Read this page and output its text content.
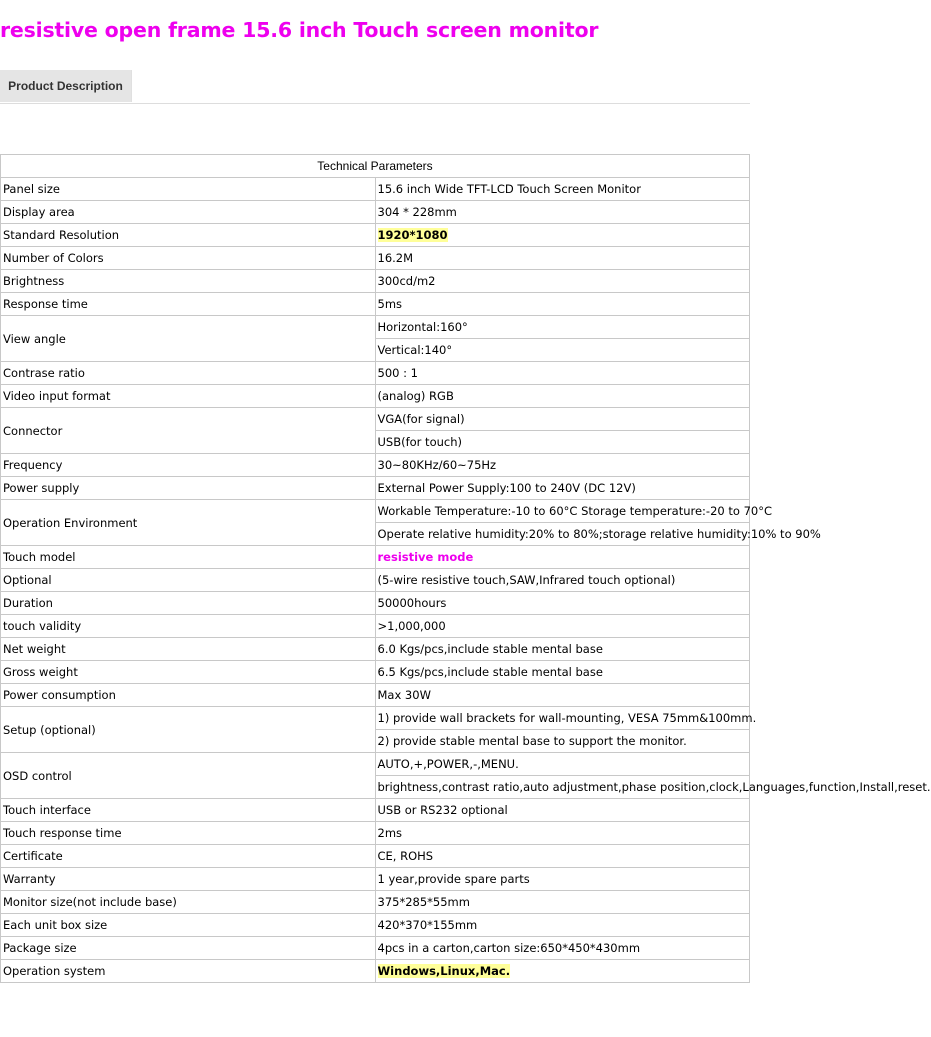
resistive open frame 15.6 inch Touch screen monitor
Product Description
Technical Parameters	
Panel size	15.6 inch Wide TFT-LCD Touch Screen Monitor
Display area	304 * 228mm
Standard Resolution	1920*1080
Number of Colors	16.2M
Brightness	300cd/m2
Response time	5ms
View angle	Horizontal:160°
	Vertical:140°
Contrase ratio	500 : 1
Video input format	(analog) RGB
Connector	VGA(for signal)
	USB(for touch)
Frequency	30~80KHz/60~75Hz
Power supply	External Power Supply:100 to 240V (DC 12V)
Operation Environment	Workable Temperature:-10 to 60°C Storage temperature:-20 to 70°C
	Operate relative humidity:20% to 80%;storage relative humidity:10% to 90%
Touch model	resistive mode
Optional	(5-wire resistive touch,SAW,Infrared touch optional)
Duration	50000hours
touch validity	>1,000,000
Net weight	6.0 Kgs/pcs,include stable mental base
Gross weight	6.5 Kgs/pcs,include stable mental base
Power consumption	Max 30W
Setup (optional)	1) provide wall brackets for wall-mounting, VESA 75mm&100mm.
	2) provide stable mental base to support the monitor.
OSD control	AUTO,+,POWER,-,MENU.
	brightness,contrast ratio,auto adjustment,phase position,clock,Languages,function,Install,reset.
Touch interface	USB or RS232 optional
Touch response time	2ms
Certificate	CE, ROHS
Warranty	1 year,provide spare parts
Monitor size(not include base)	375*285*55mm
Each unit box size	420*370*155mm
Package size	4pcs in a carton,carton size:650*450*430mm
Operation system	Windows,Linux,Mac.
